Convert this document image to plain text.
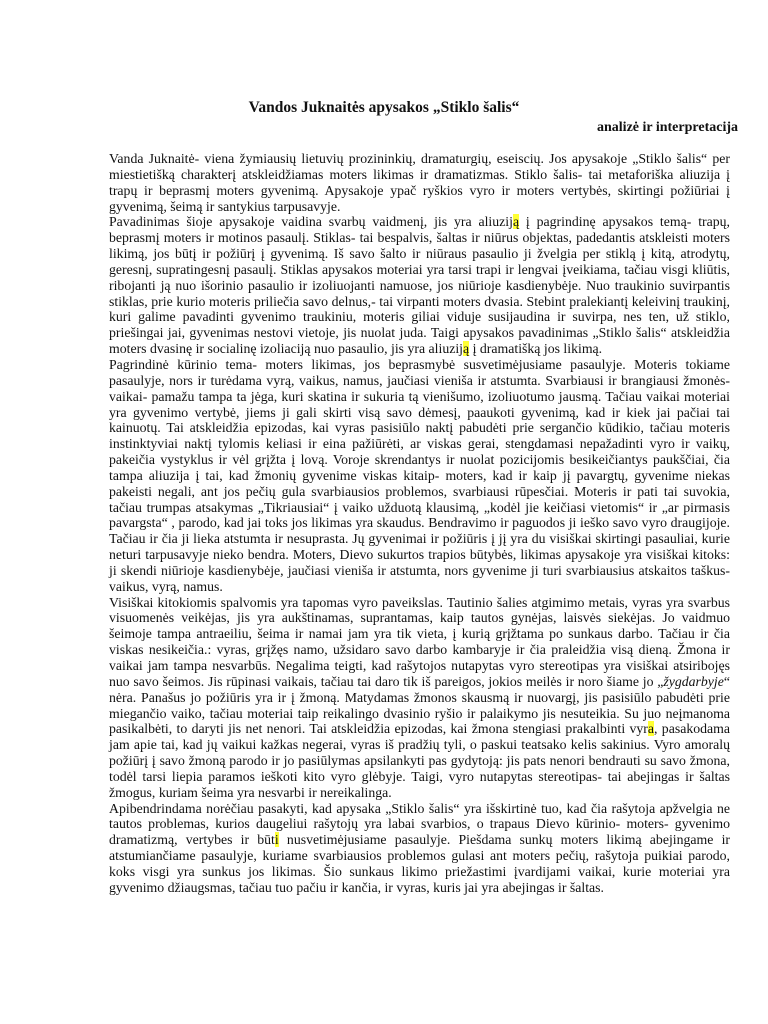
Vandos Juknaitės apysakos „Stiklo šalis“
analizė ir interpretacija

Vanda Juknaitė- viena žymiausių lietuvių prozininkių, dramaturgių, eseiscių. Jos apysakoje „Stiklo šalis“ per miestietišką charakterį atskleidžiamas moters likimas ir dramatizmas. Stiklo šalis- tai metaforiška aliuzija į trapų ir beprasmį moters gyvenimą. Apysakoje ypač ryškios vyro ir moters vertybės, skirtingi požiūriai į gyvenimą, šeimą ir santykius tarpusavyje.

Pavadinimas šioje apysakoje vaidina svarbų vaidmenį, jis yra aliuziją į pagrindinę apysakos temą- trapų, beprasmį moters ir motinos pasaulį. Stiklas- tai bespalvis, šaltas ir niūrus objektas, padedantis atskleisti moters likimą, jos būtį ir požiūrį į gyvenimą. Iš savo šalto ir niūraus pasaulio ji žvelgia per stiklą į kitą, atrodytų, geresnį, supratingesnį pasaulį. Stiklas apysakos moteriai yra tarsi trapi ir lengvai įveikiama, tačiau visgi kliūtis, ribojanti ją nuo išorinio pasaulio ir izoliuojanti namuose, jos niūrioje kasdienybėje. Nuo traukinio suvirpantis stiklas, prie kurio moteris priliečia savo delnus,- tai virpanti moters dvasia. Stebint pralekiantį keleivinį traukinį, kuri galime pavadinti gyvenimo traukiniu, moteris giliai viduje susijaudina ir suvirpa, nes ten, už stiklo, priešingai jai, gyvenimas nestovi vietoje, jis nuolat juda. Taigi apysakos pavadinimas „Stiklo šalis“ atskleidžia moters dvasinę ir socialinę izoliaciją nuo pasaulio, jis yra aliuziją į dramatišką jos likimą.

Pagrindinė kūrinio tema- moters likimas, jos beprasmybė susvetimėjusiame pasaulyje. Moteris tokiame pasaulyje, nors ir turėdama vyrą, vaikus, namus, jaučiasi vieniša ir atstumta. Svarbiausi ir brangiausi žmonės- vaikai- pamažu tampa ta jėga, kuri skatina ir sukuria tą vienišumo, izoliuotumo jausmą. Tačiau vaikai moteriai yra gyvenimo vertybė, jiems ji gali skirti visą savo dėmesį, paaukoti gyvenimą, kad ir kiek jai pačiai tai kainuotų. Tai atskleidžia epizodas, kai vyras pasisiūlo naktį pabudėti prie sergančio kūdikio, tačiau moteris instinktyviai naktį tylomis keliasi ir eina pažiūrėti, ar viskas gerai, stengdamasi nepažadinti vyro ir vaikų, pakeičia vystyklus ir vėl grįžta į lovą. Voroje skrendantys ir nuolat pozicijomis besikeičiantys paukščiai, čia tampa aliuzija į tai, kad žmonių gyvenime viskas kitaip- moters, kad ir kaip jį pavargtų, gyvenime niekas pakeisti negali, ant jos pečių gula svarbiausios problemos, svarbiausi rūpesčiai. Moteris ir pati tai suvokia, tačiau trumpas atsakymas „Tikriausiai“ į vaiko užduotą klausimą, „kodėl jie keičiasi vietomis“ ir „ar pirmasis pavargsta“ , parodo, kad jai toks jos likimas yra skaudus. Bendravimo ir paguodos ji ieško savo vyro draugijoje. Tačiau ir čia ji lieka atstumta ir nesuprasta. Jų gyvenimai ir požiūris į jį yra du visiškai skirtingi pasauliai, kurie neturi tarpusavyje nieko bendra. Moters, Dievo sukurtos trapios būtybės, likimas apysakoje yra visiškai kitoks: ji skendi niūrioje kasdienybėje, jaučiasi vieniša ir atstumta, nors gyvenime ji turi svarbiausius atskaitos taškus-vaikus, vyrą, namus.

Visiškai kitokiomis spalvomis yra tapomas vyro paveikslas. Tautinio šalies atgimimo metais, vyras yra svarbus visuomenės veikėjas, jis yra aukštinamas, suprantamas, kaip tautos gynėjas, laisvės siekėjas. Jo vaidmuo šeimoje tampa antraeiliu, šeima ir namai jam yra tik vieta, į kurią grįžtama po sunkaus darbo. Tačiau ir čia viskas nesikeičia.: vyras, grįžęs namo, užsidaro savo darbo kambaryje ir čia praleidžia visą dieną. Žmona ir vaikai jam tampa nesvarbūs. Negalima teigti, kad rašytojos nutapytas vyro stereotipas yra visiškai atsiribojęs nuo savo šeimos. Jis rūpinasi vaikais, tačiau tai daro tik iš pareigos, jokios meilės ir noro šiame jo „žygdarbyje“ nėra. Panašus jo požiūris yra ir į žmoną. Matydamas žmonos skausmą ir nuovargį, jis pasisiūlo pabudėti prie miegančio vaiko, tačiau moteriai taip reikalingo dvasinio ryšio ir palaikymo jis nesuteikia. Su juo neįmanoma pasikalbėti, to daryti jis net nenori. Tai atskleidžia epizodas, kai žmona stengiasi prakalbinti vyra, pasakodama jam apie tai, kad jų vaikui kažkas negerai, vyras iš pradžių tyli, o paskui teatsako kelis sakinius. Vyro amoralų požiūrį į savo žmoną parodo ir jo pasiūlymas apsilankyti pas gydytoją: jis pats nenori bendrauti su savo žmona, todėl tarsi liepia paramos ieškoti kito vyro glėbyje. Taigi, vyro nutapytas stereotipas- tai abejingas ir šaltas žmogus, kuriam šeima yra nesvarbi ir nereikalinga.

Apibendrindama norėčiau pasakyti, kad apysaka „Stiklo šalis“ yra išskirtinė tuo, kad čia rašytoja apžvelgia ne tautos problemas, kurios daugeliui rašytojų yra labai svarbios, o trapaus Dievo kūrinio- moters- gyvenimo dramatizmą, vertybes ir būti nusvetimėjusiame pasaulyje. Piešdama sunkų moters likimą abejingame ir atstumiančiame pasaulyje, kuriame svarbiausios problemos gulasi ant moters pečių, rašytoja puikiai parodo, koks visgi yra sunkus jos likimas. Šio sunkaus likimo priežastimi įvardijami vaikai, kurie moteriai yra gyvenimo džiaugsmas, tačiau tuo pačiu ir kančia, ir vyras, kuris jai yra abejingas ir šaltas.
